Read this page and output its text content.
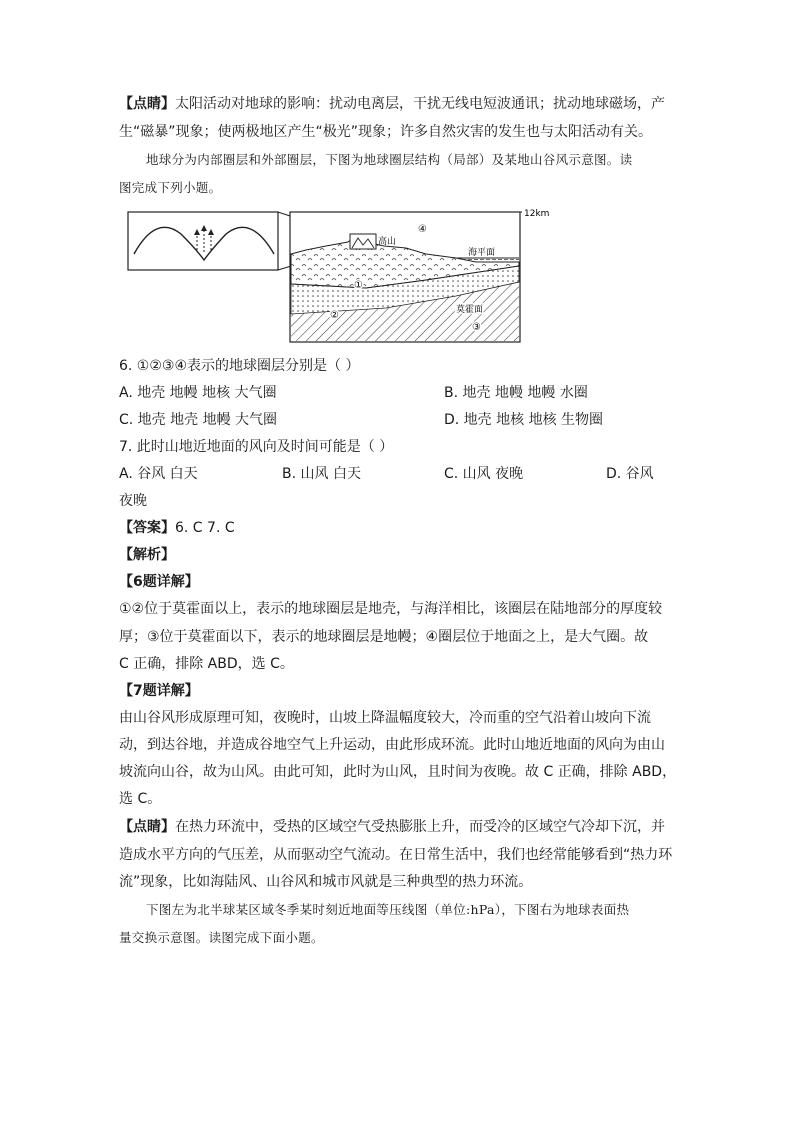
【点睛】太阳活动对地球的影响：扰动电离层，干扰无线电短波通讯；扰动地球磁场，产
生“磁暴”现象；使两极地区产生“极光”现象；许多自然灾害的发生也与太阳活动有关。
地球分为内部圈层和外部圈层，下图为地球圈层结构（局部）及某地山谷风示意图。读
图完成下列小题。
12km
高山
海平面
莫霍面
④
①
②
③
6. ①②③④表示的地球圈层分别是（ ）
A. 地壳 地幔 地核 大气圈	B. 地壳 地幔 地幔 水圈
C. 地壳 地壳 地幔 大气圈	D. 地壳 地核 地核 生物圈
7. 此时山地近地面的风向及时间可能是（ ）
A. 谷风 白天	B. 山风 白天	C. 山风 夜晚	D. 谷风
夜晚
【答案】6. C 7. C
【解析】
【6题详解】
①②位于莫霍面以上，表示的地球圈层是地壳，与海洋相比，该圈层在陆地部分的厚度较
厚；③位于莫霍面以下，表示的地球圈层是地幔；④圈层位于地面之上，是大气圈。故
C 正确，排除 ABD，选 C。
【7题详解】
由山谷风形成原理可知，夜晚时，山坡上降温幅度较大，冷而重的空气沿着山坡向下流
动，到达谷地，并造成谷地空气上升运动，由此形成环流。此时山地近地面的风向为由山
坡流向山谷，故为山风。由此可知，此时为山风，且时间为夜晚。故 C 正确，排除 ABD，
选 C。
【点睛】在热力环流中，受热的区域空气受热膨胀上升，而受冷的区域空气冷却下沉，并
造成水平方向的气压差，从而驱动空气流动。在日常生活中，我们也经常能够看到“热力环
流”现象，比如海陆风、山谷风和城市风就是三种典型的热力环流。
下图左为北半球某区域冬季某时刻近地面等压线图（单位:hPa），下图右为地球表面热
量交换示意图。读图完成下面小题。
